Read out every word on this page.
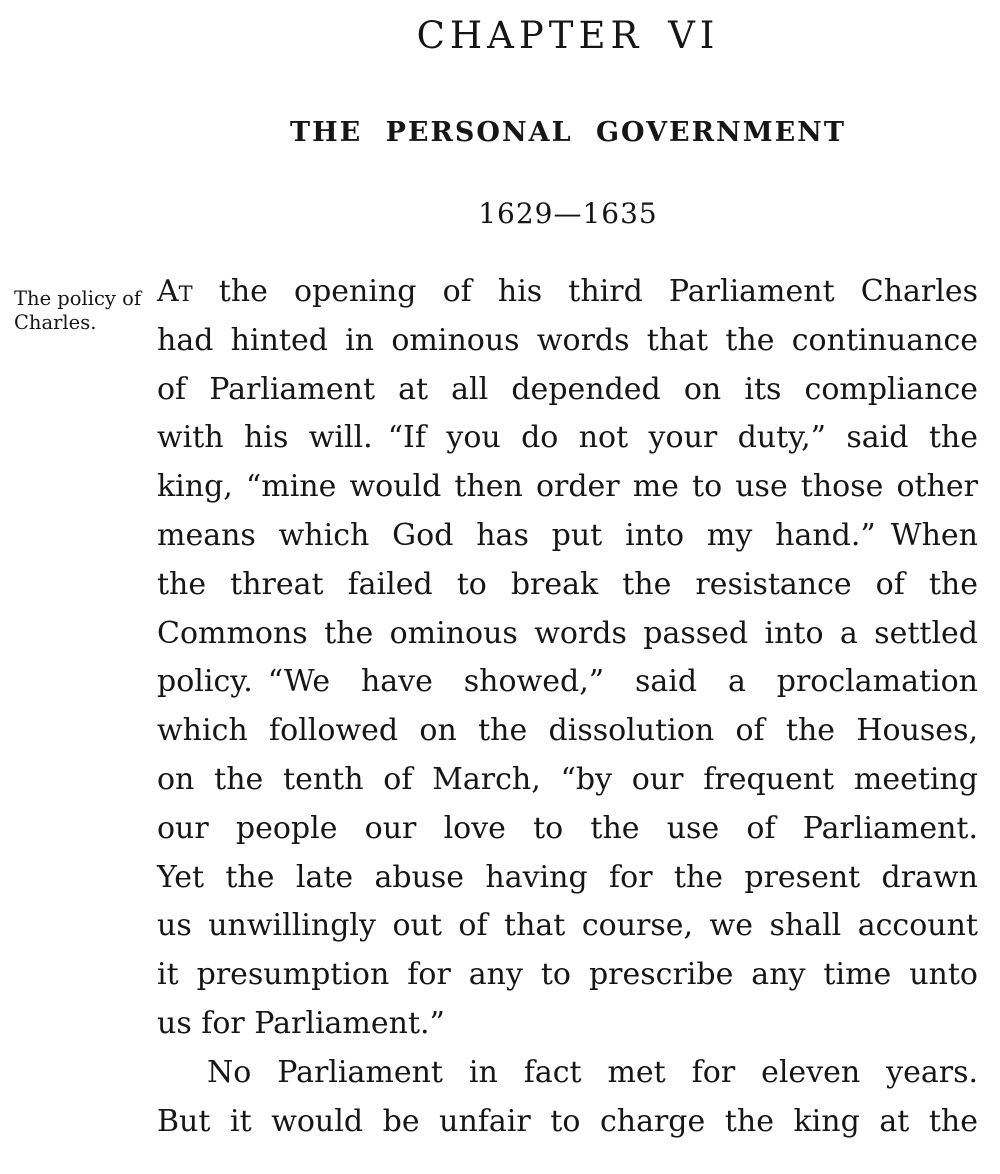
CHAPTER VI
THE PERSONAL GOVERNMENT
1629—1635
The policy of Charles.
At the opening of his third Parliament Charles
had hinted in ominous words that the continuance
of Parliament at all depended on its compliance
with his will. “If you do not your duty,” said the
king, “mine would then order me to use those other
means which God has put into my hand.” When
the threat failed to break the resistance of the
Commons the ominous words passed into a settled
policy. “We have showed,” said a proclamation
which followed on the dissolution of the Houses,
on the tenth of March, “by our frequent meeting
our people our love to the use of Parliament.
Yet the late abuse having for the present drawn
us unwillingly out of that course, we shall account
it presumption for any to prescribe any time unto
us for Parliament.”
No Parliament in fact met for eleven years.
But it would be unfair to charge the king at the
